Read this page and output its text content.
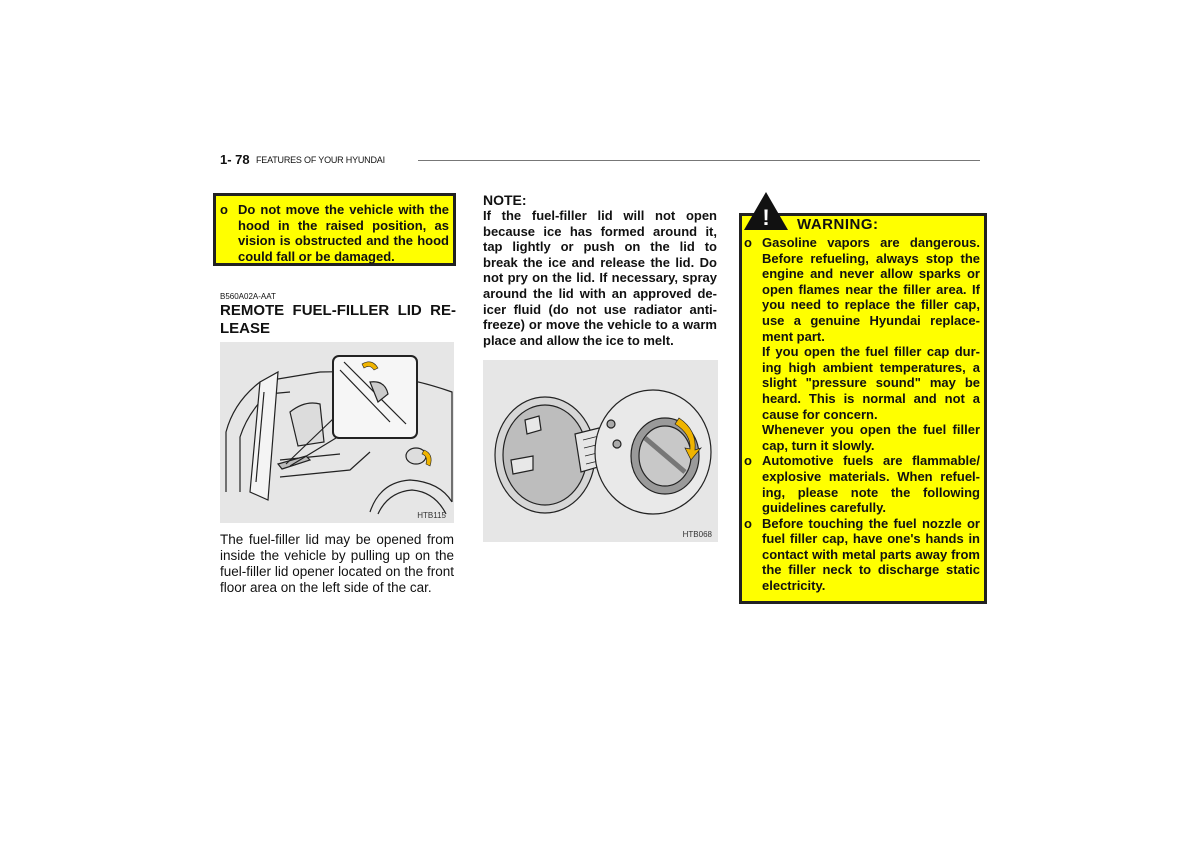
1- 78 FEATURES OF YOUR HYUNDAI
o Do not move the vehicle with the
hood in the raised position, as
vision is obstructed and the hood
could fall or be damaged.
B560A02A-AAT
REMOTE FUEL-FILLER LID RE-
LEASE
HTB115
The fuel-filler lid may be opened from
inside the vehicle by pulling up on the
fuel-filler lid opener located on the front
floor area on the left side of the car.
NOTE:
If the fuel-filler lid will not open
because ice has formed around it,
tap lightly or push on the lid to
break the ice and release the lid. Do
not pry on the lid. If necessary, spray
around the lid with an approved de-
icer fluid (do not use radiator anti-
freeze) or move the vehicle to a warm
place and allow the ice to melt.
HTB068
! WARNING:
o Gasoline vapors are dangerous.
Before refueling, always stop the
engine and never allow sparks or
open flames near the filler area. If
you need to replace the filler cap,
use a genuine Hyundai replace-
ment part.
If you open the fuel filler cap dur-
ing high ambient temperatures, a
slight "pressure sound" may be
heard. This is normal and not a
cause for concern.
Whenever you open the fuel filler
cap, turn it slowly.
o Automotive fuels are flammable/
explosive materials. When refuel-
ing, please note the following
guidelines carefully.
o Before touching the fuel nozzle or
fuel filler cap, have one's hands in
contact with metal parts away from
the filler neck to discharge static
electricity.
